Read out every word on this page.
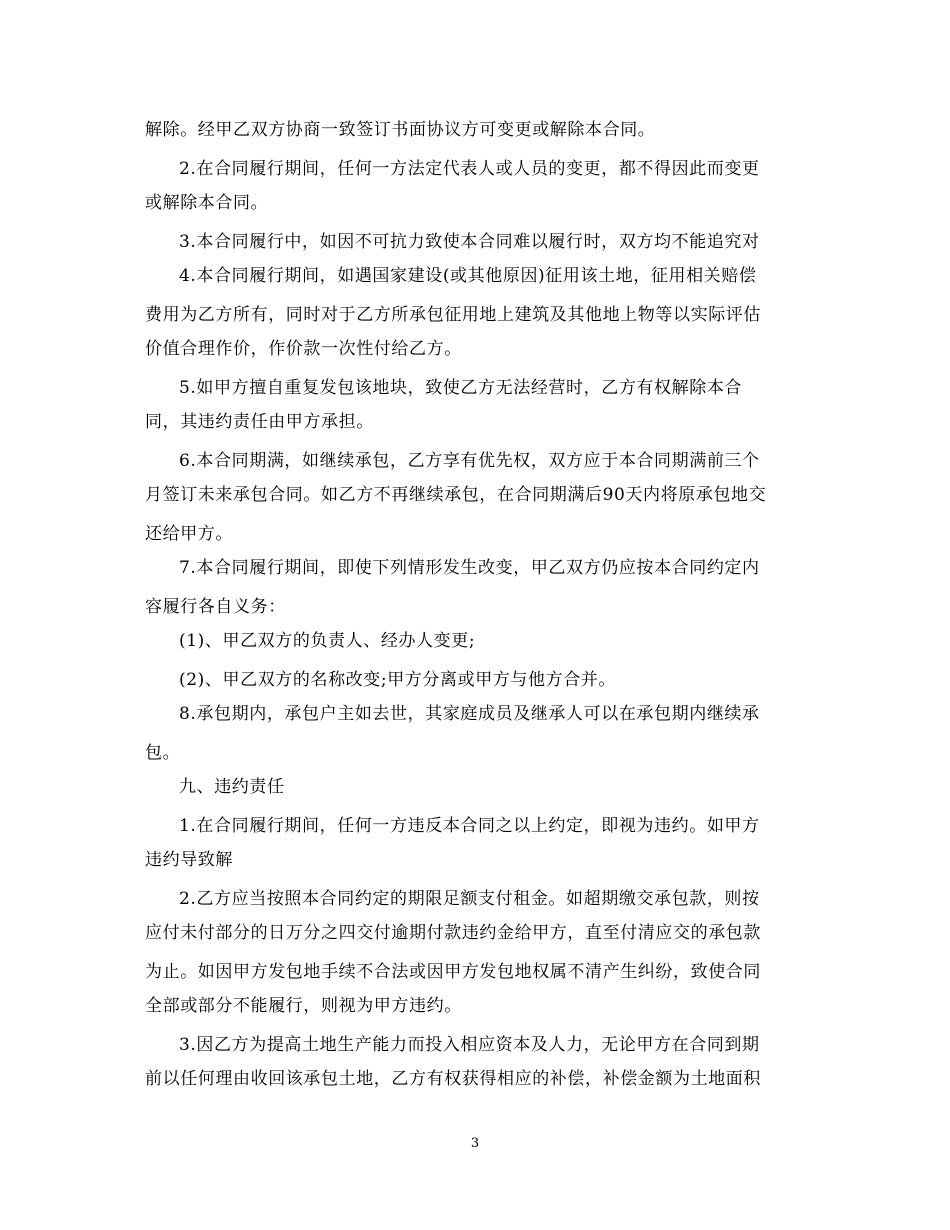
解除。经甲乙双方协商一致签订书面协议方可变更或解除本合同。
2.在合同履行期间，任何一方法定代表人或人员的变更，都不得因此而变更
或解除本合同。
3.本合同履行中，如因不可抗力致使本合同难以履行时，双方均不能追究对
4.本合同履行期间，如遇国家建设(或其他原因)征用该土地，征用相关赔偿
费用为乙方所有，同时对于乙方所承包征用地上建筑及其他地上物等以实际评估
价值合理作价，作价款一次性付给乙方。
5.如甲方擅自重复发包该地块，致使乙方无法经营时，乙方有权解除本合
同，其违约责任由甲方承担。
6.本合同期满，如继续承包，乙方享有优先权，双方应于本合同期满前三个
月签订未来承包合同。如乙方不再继续承包，在合同期满后90天内将原承包地交
还给甲方。
7.本合同履行期间，即使下列情形发生改变，甲乙双方仍应按本合同约定内
容履行各自义务：
(1)、甲乙双方的负责人、经办人变更;
(2)、甲乙双方的名称改变;甲方分离或甲方与他方合并。
8.承包期内，承包户主如去世，其家庭成员及继承人可以在承包期内继续承
包。
九、违约责任
1.在合同履行期间，任何一方违反本合同之以上约定，即视为违约。如甲方
违约导致解
2.乙方应当按照本合同约定的期限足额支付租金。如超期缴交承包款，则按
应付未付部分的日万分之四交付逾期付款违约金给甲方，直至付清应交的承包款
为止。如因甲方发包地手续不合法或因甲方发包地权属不清产生纠纷，致使合同
全部或部分不能履行，则视为甲方违约。
3.因乙方为提高土地生产能力而投入相应资本及人力，无论甲方在合同到期
前以任何理由收回该承包土地，乙方有权获得相应的补偿，补偿金额为土地面积
3
